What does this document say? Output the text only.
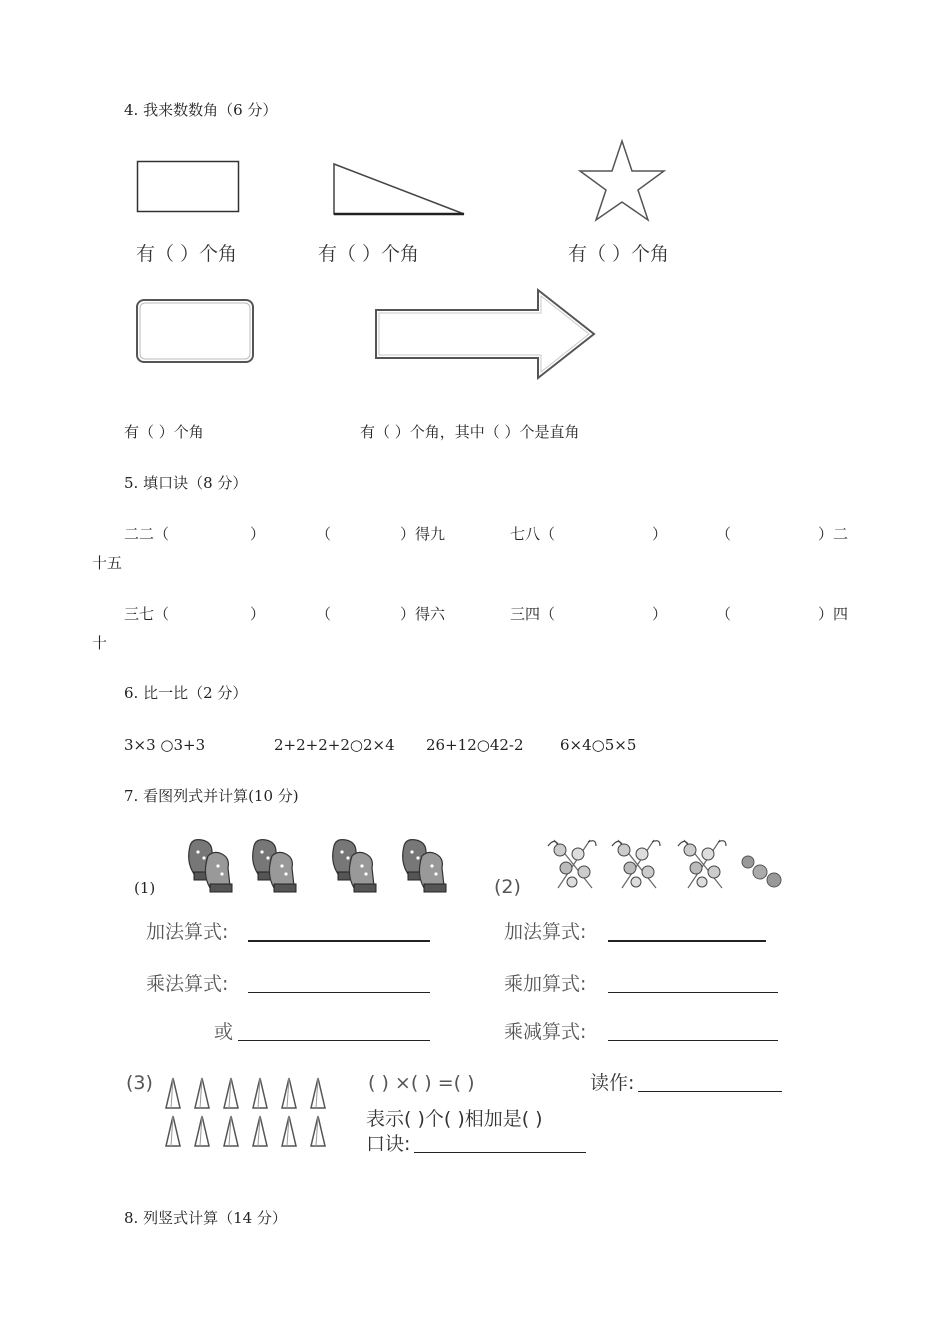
4. 我来数数角（6 分）
有（ ）个角	有（ ）个角	有（ ）个角
有（ ）个角	有（ ）个角，其中（ ）个是直角
5. 填口诀（8 分）
二二（	）	（	）得九	七八（	）	（	）二
十五
三七（	）	（	）得六	三四（	）	（	）四
十
6. 比一比（2 分）
3×3 ○3+3	2+2+2+2○2×4 26+12○42-2 6×4○5×5
7. 看图列式并计算(10 分)
(1)	(2)
加法算式:	加法算式:
乘法算式:	乘加算式:
或	乘减算式:
(3)	( ) ×( ) =( )	读作:
表示( )个( )相加是( )
口诀:
8. 列竖式计算（14 分）
